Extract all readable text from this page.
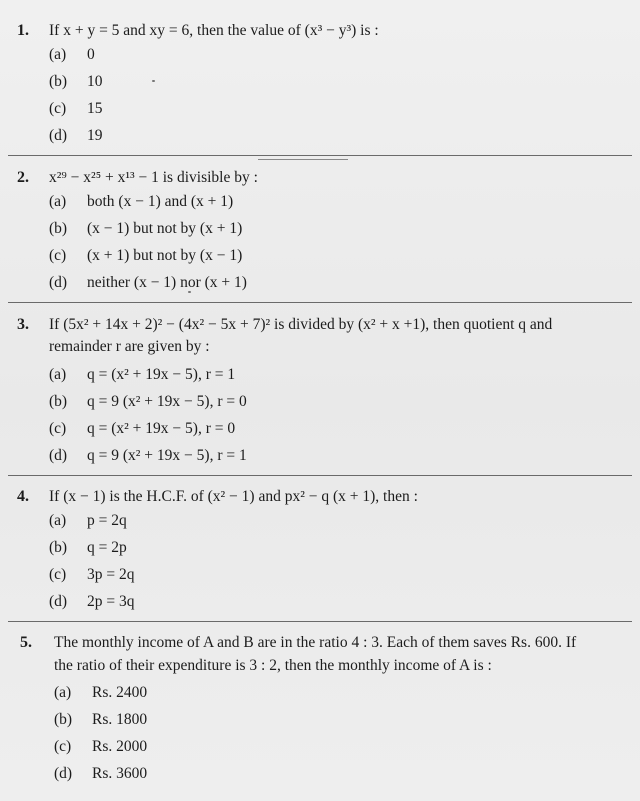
1. If x + y = 5 and xy = 6, then the value of (x³ − y³) is :
(a) 0
(b) 10
(c) 15
(d) 19
2. x²⁹ − x²⁵ + x¹³ − 1 is divisible by :
(a) both (x − 1) and (x + 1)
(b) (x − 1) but not by (x + 1)
(c) (x + 1) but not by (x − 1)
(d) neither (x − 1) nor (x + 1)
3. If (5x² + 14x + 2)² − (4x² − 5x + 7)² is divided by (x² + x +1), then quotient q and
remainder r are given by :
(a) q = (x² + 19x − 5), r = 1
(b) q = 9 (x² + 19x − 5), r = 0
(c) q = (x² + 19x − 5), r = 0
(d) q = 9 (x² + 19x − 5), r = 1
4. If (x − 1) is the H.C.F. of (x² − 1) and px² − q (x + 1), then :
(a) p = 2q
(b) q = 2p
(c) 3p = 2q
(d) 2p = 3q
5. The monthly income of A and B are in the ratio 4 : 3. Each of them saves Rs. 600. If
the ratio of their expenditure is 3 : 2, then the monthly income of A is :
(a) Rs. 2400
(b) Rs. 1800
(c) Rs. 2000
(d) Rs. 3600
